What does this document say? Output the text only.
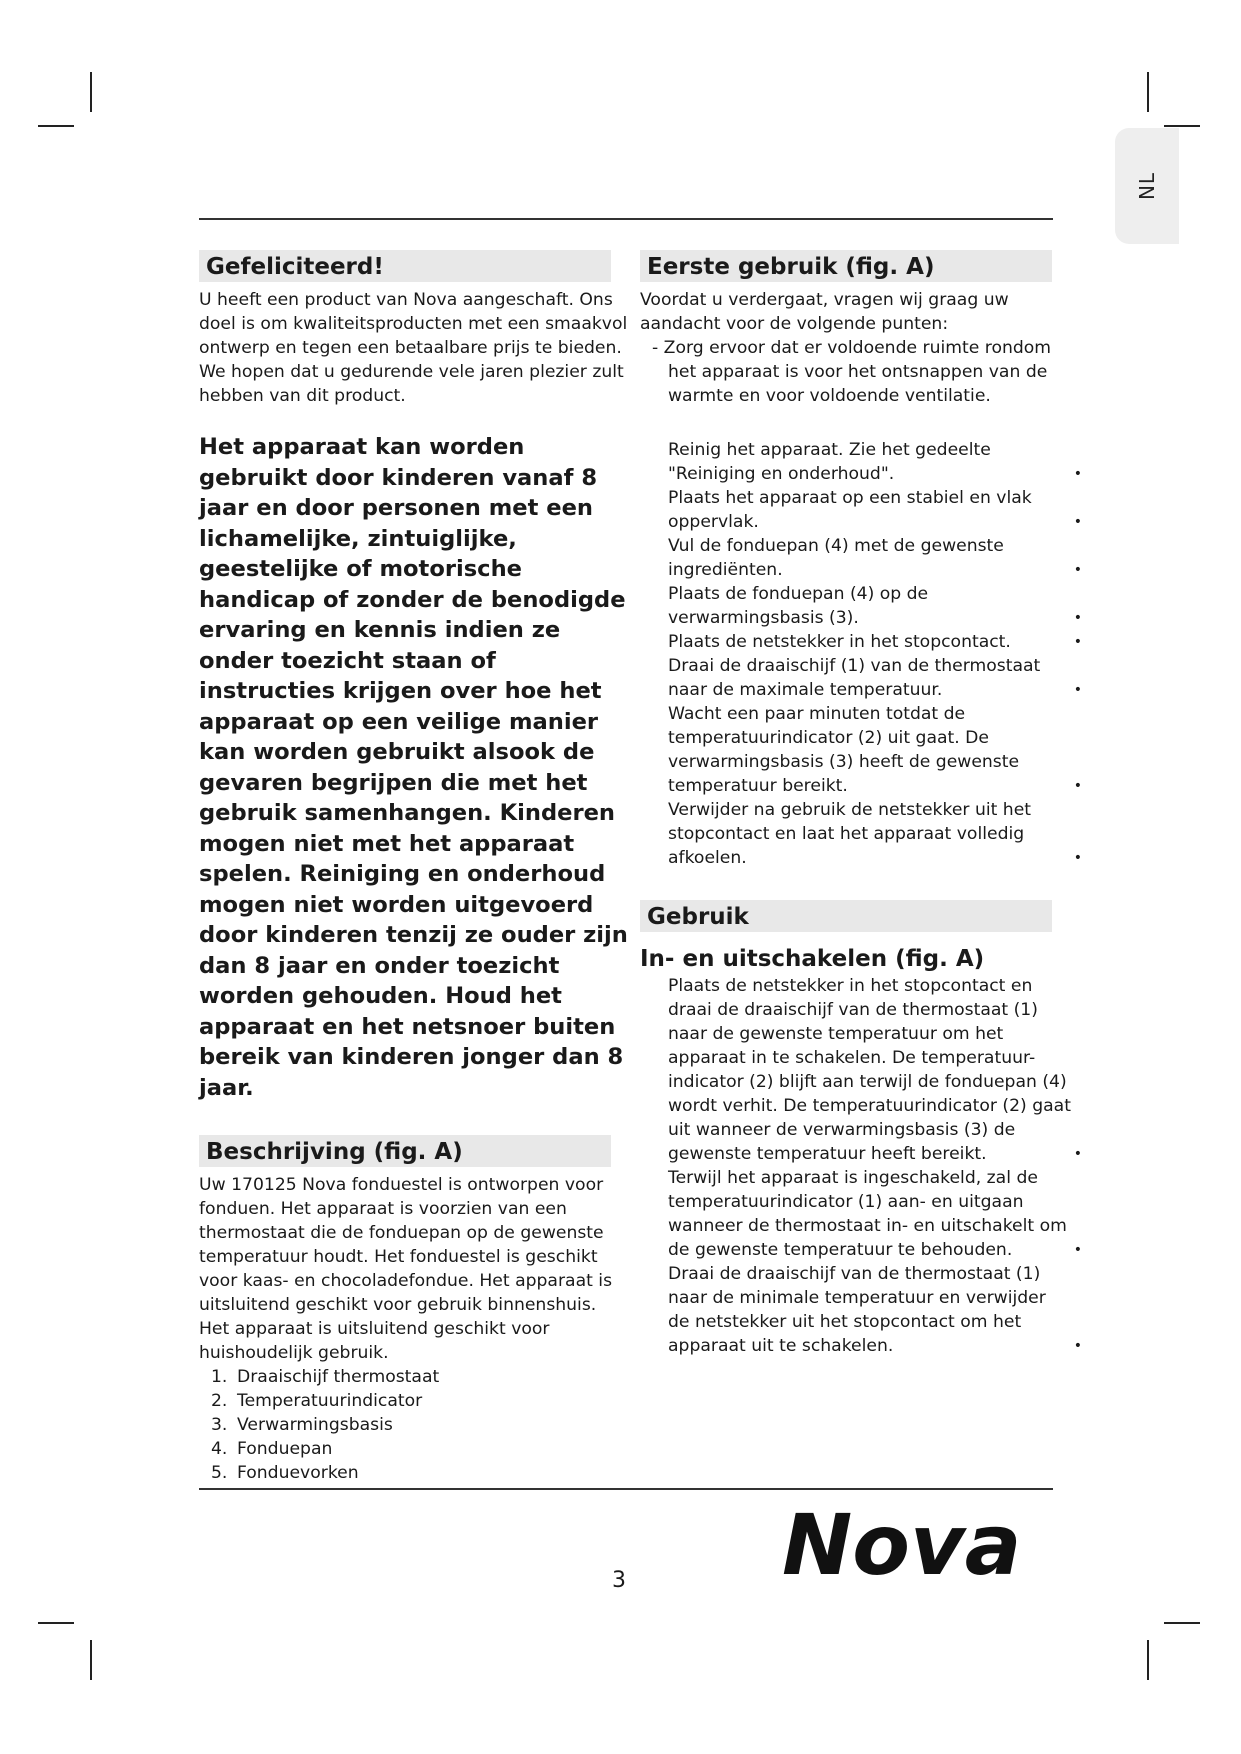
NL
Gefeliciteerd!

U heeft een product van Nova aangeschaft. Ons doel is om kwaliteitsproducten met een smaakvol ontwerp en tegen een betaalbare prijs te bieden. We hopen dat u gedurende vele jaren plezier zult hebben van dit product.

Het apparaat kan worden gebruikt door kinderen vanaf 8 jaar en door personen met een lichamelijke, zintuiglijke, geestelijke of motorische handicap of zonder de benodigde ervaring en kennis indien ze onder toezicht staan of instructies krijgen over hoe het apparaat op een veilige manier kan worden gebruikt alsook de gevaren begrijpen die met het gebruik samenhangen. Kinderen mogen niet met het apparaat spelen. Reiniging en onderhoud mogen niet worden uitgevoerd door kinderen tenzij ze ouder zijn dan 8 jaar en onder toezicht worden gehouden. Houd het apparaat en het netsnoer buiten bereik van kinderen jonger dan 8 jaar.

Beschrijving (fig. A)

Uw 170125 Nova fonduestel is ontworpen voor fonduen. Het apparaat is voorzien van een thermostaat die de fonduepan op de gewenste temperatuur houdt. Het fonduestel is geschikt voor kaas- en chocoladefondue. Het apparaat is uitsluitend geschikt voor gebruik binnenshuis. Het apparaat is uitsluitend geschikt voor huishoudelijk gebruik.

1. Draaischijf thermostaat
2. Temperatuurindicator
3. Verwarmingsbasis
4. Fonduepan
5. Fonduevorken
Eerste gebruik (fig. A)

Voordat u verdergaat, vragen wij graag uw aandacht voor de volgende punten:

- Zorg ervoor dat er voldoende ruimte rondom het apparaat is voor het ontsnappen van de warmte en voor voldoende ventilatie.

Reinig het apparaat. Zie het gedeelte "Reiniging en onderhoud".	•
Plaats het apparaat op een stabiel en vlak oppervlak.	•
Vul de fonduepan (4) met de gewenste ingrediënten.	•
Plaats de fonduepan (4) op de verwarmingsbasis (3).	•
Plaats de netstekker in het stopcontact.	•
Draai de draaischijf (1) van de thermostaat naar de maximale temperatuur.	•
Wacht een paar minuten totdat de temperatuurindicator (2) uit gaat. De verwarmingsbasis (3) heeft de gewenste temperatuur bereikt.	•
Verwijder na gebruik de netstekker uit het stopcontact en laat het apparaat volledig afkoelen.	•
Gebruik
In- en uitschakelen (fig. A)
Plaats de netstekker in het stopcontact en draai de draaischijf van de thermostaat (1) naar de gewenste temperatuur om het apparaat in te schakelen. De temperatuur-indicator (2) blijft aan terwijl de fonduepan (4) wordt verhit. De temperatuurindicator (2) gaat uit wanneer de verwarmingsbasis (3) de gewenste temperatuur heeft bereikt.	•
Terwijl het apparaat is ingeschakeld, zal de temperatuurindicator (1) aan- en uitgaan wanneer de thermostaat in- en uitschakelt om de gewenste temperatuur te behouden.	•
Draai de draaischijf van de thermostaat (1) naar de minimale temperatuur en verwijder de netstekker uit het stopcontact om het apparaat uit te schakelen.	•
3 Nova
